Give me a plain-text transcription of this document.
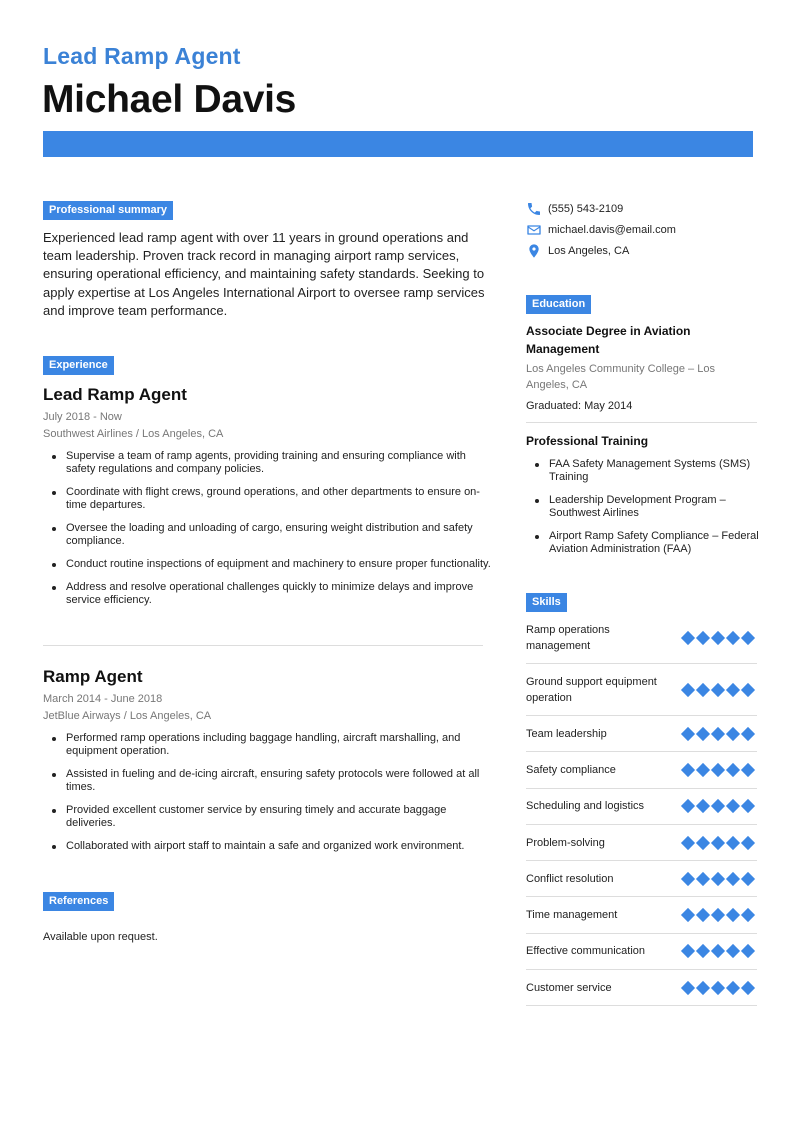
Lead Ramp Agent
Michael Davis
Professional summary
Experienced lead ramp agent with over 11 years in ground operations and team leadership. Proven track record in managing airport ramp services, ensuring operational efficiency, and maintaining safety standards. Seeking to apply expertise at Los Angeles International Airport to oversee ramp services and improve team performance.
Experience
Lead Ramp Agent
July 2018 - Now
Southwest Airlines / Los Angeles, CA
Supervise a team of ramp agents, providing training and ensuring compliance with safety regulations and company policies.
Coordinate with flight crews, ground operations, and other departments to ensure on-time departures.
Oversee the loading and unloading of cargo, ensuring weight distribution and safety compliance.
Conduct routine inspections of equipment and machinery to ensure proper functionality.
Address and resolve operational challenges quickly to minimize delays and improve service efficiency.
Ramp Agent
March 2014 - June 2018
JetBlue Airways / Los Angeles, CA
Performed ramp operations including baggage handling, aircraft marshalling, and equipment operation.
Assisted in fueling and de-icing aircraft, ensuring safety protocols were followed at all times.
Provided excellent customer service by ensuring timely and accurate baggage deliveries.
Collaborated with airport staff to maintain a safe and organized work environment.
References
Available upon request.
(555) 543-2109
michael.davis@email.com
Los Angeles, CA
Education
Associate Degree in Aviation Management
Los Angeles Community College – Los Angeles, CA
Graduated: May 2014
Professional Training
FAA Safety Management Systems (SMS) Training
Leadership Development Program – Southwest Airlines
Airport Ramp Safety Compliance – Federal Aviation Administration (FAA)
Skills
Ramp operations management
Ground support equipment operation
Team leadership
Safety compliance
Scheduling and logistics
Problem-solving
Conflict resolution
Time management
Effective communication
Customer service
